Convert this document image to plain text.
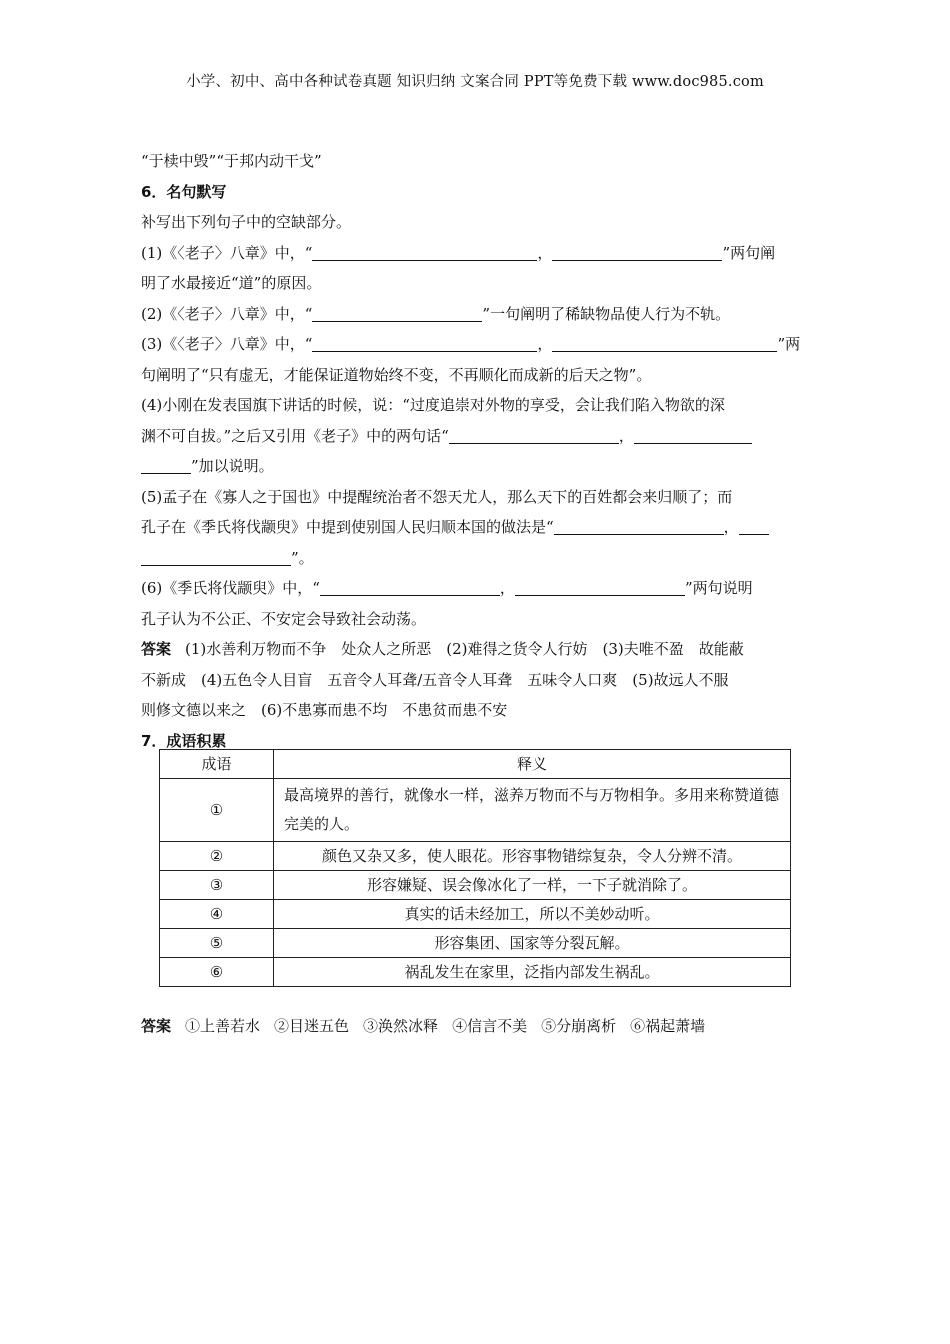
小学、初中、高中各种试卷真题 知识归纳 文案合同 PPT等免费下载 www.doc985.com
“于椟中毁”“于邦内动干戈”
6．名句默写
补写出下列句子中的空缺部分。
(1)《〈老子〉八章》中，“	，	”两句阐
明了水最接近“道”的原因。
(2)《〈老子〉八章》中，“	”一句阐明了稀缺物品使人行为不轨。
(3)《〈老子〉八章》中，“	，	”两
句阐明了“只有虚无，才能保证道物始终不变，不再顺化而成新的后天之物”。
(4)小刚在发表国旗下讲话的时候，说：“过度追崇对外物的享受，会让我们陷入物欲的深
渊不可自拔。”之后又引用《老子》中的两句话“	，
”加以说明。
(5)孟子在《寡人之于国也》中提醒统治者不怨天尤人，那么天下的百姓都会来归顺了；而
孔子在《季氏将伐颛臾》中提到使别国人民归顺本国的做法是“	，
”。
(6)《季氏将伐颛臾》中，“	，	”两句说明
孔子认为不公正、不安定会导致社会动荡。
答案 (1)水善利万物而不争　处众人之所恶　(2)难得之货令人行妨　(3)夫唯不盈　故能蔽
不新成　(4)五色令人目盲　五音令人耳聋/五音令人耳聋　五味令人口爽　(5)故远人不服
则修文德以来之　(6)不患寡而患不均　不患贫而患不安
7．成语积累
成语	释义
①	最高境界的善行，就像水一样，滋养万物而不与万物相争。多用来称赞道德完美的人。
②	颜色又杂又多，使人眼花。形容事物错综复杂，令人分辨不清。
③	形容嫌疑、误会像冰化了一样，一下子就消除了。
④	真实的话未经加工，所以不美妙动听。
⑤	形容集团、国家等分裂瓦解。
⑥	祸乱发生在家里，泛指内部发生祸乱。
答案 ①上善若水 ②目迷五色 ③涣然冰释 ④信言不美 ⑤分崩离析 ⑥祸起萧墙
